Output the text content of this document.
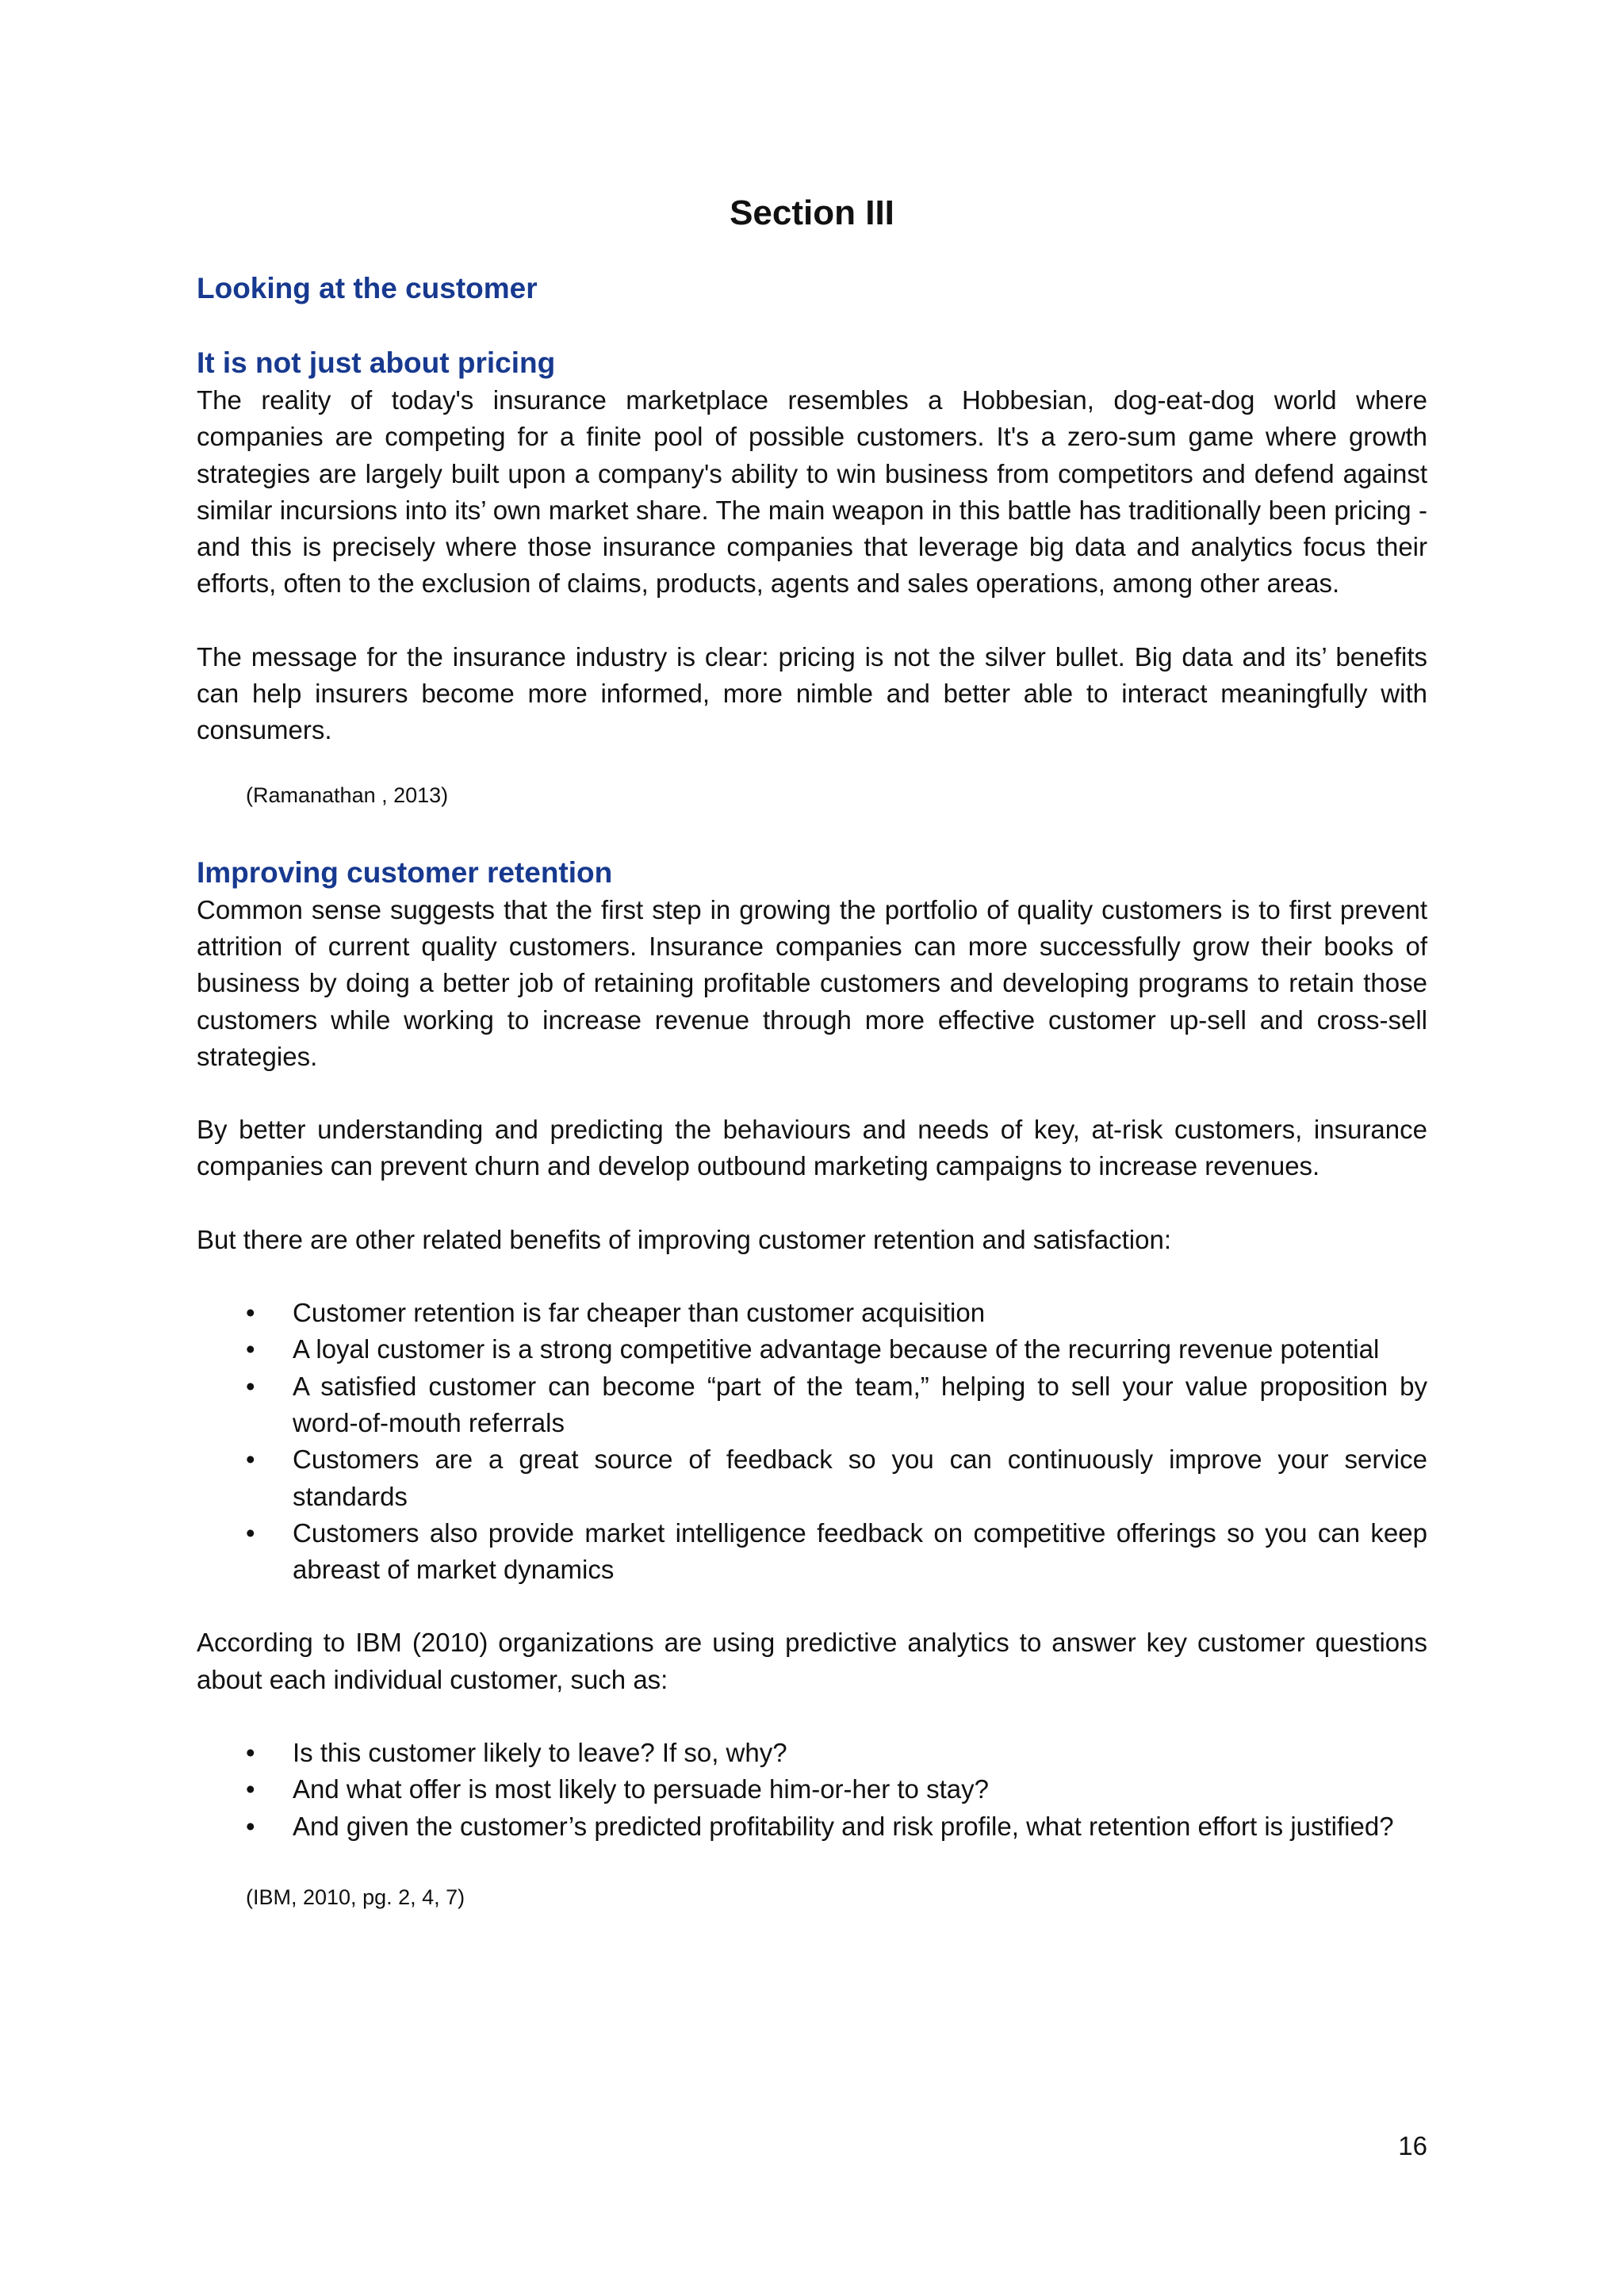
Section III
Looking at the customer
It is not just about pricing

The reality of today's insurance marketplace resembles a Hobbesian, dog-eat-dog world where companies are competing for a finite pool of possible customers. It's a zero-sum game where growth strategies are largely built upon a company's ability to win business from competitors and defend against similar incursions into its’ own market share. The main weapon in this battle has traditionally been pricing - and this is precisely where those insurance companies that leverage big data and analytics focus their efforts, often to the exclusion of claims, products, agents and sales operations, among other areas.

The message for the insurance industry is clear: pricing is not the silver bullet. Big data and its’ benefits can help insurers become more informed, more nimble and better able to interact meaningfully with consumers.

(Ramanathan , 2013)
Improving customer retention

Common sense suggests that the first step in growing the portfolio of quality customers is to first prevent attrition of current quality customers. Insurance companies can more successfully grow their books of business by doing a better job of retaining profitable customers and developing programs to retain those customers while working to increase revenue through more effective customer up-sell and cross-sell strategies.

By better understanding and predicting the behaviours and needs of key, at-risk customers, insurance companies can prevent churn and develop outbound marketing campaigns to increase revenues.

But there are other related benefits of improving customer retention and satisfaction:

•	Customer retention is far cheaper than customer acquisition
•	A loyal customer is a strong competitive advantage because of the recurring revenue potential
•	A satisfied customer can become “part of the team,” helping to sell your value proposition by word-of-mouth referrals
•	Customers are a great source of feedback so you can continuously improve your service standards
•	Customers also provide market intelligence feedback on competitive offerings so you can keep abreast of market dynamics

According to IBM (2010) organizations are using predictive analytics to answer key customer questions about each individual customer, such as:

•	Is this customer likely to leave? If so, why?
•	And what offer is most likely to persuade him-or-her to stay?
•	And given the customer’s predicted profitability and risk profile, what retention effort is justified?
(IBM, 2010, pg. 2, 4, 7)
16
